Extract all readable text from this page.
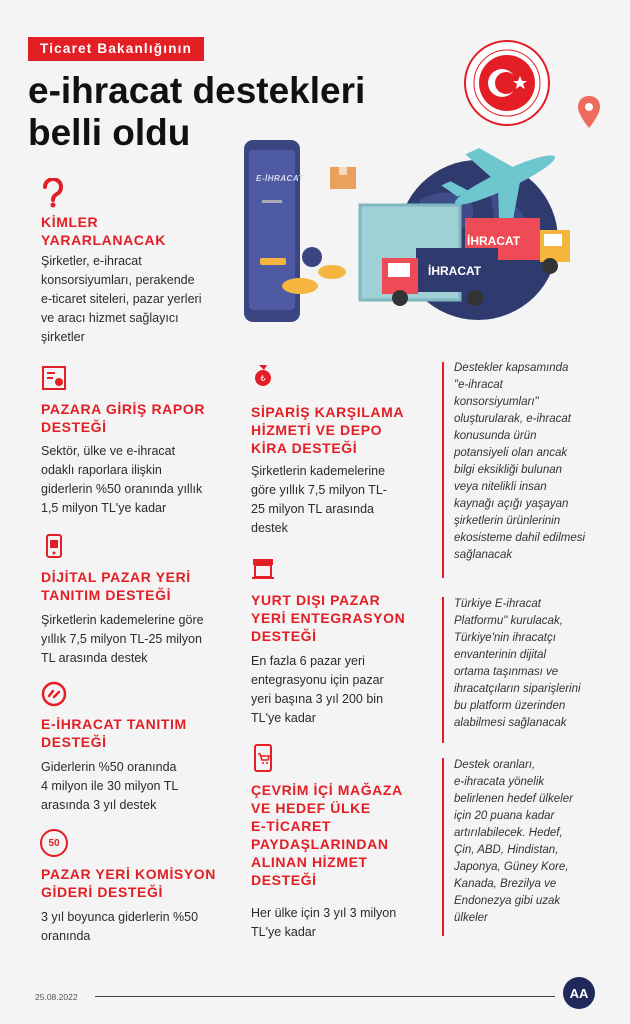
Ticaret Bakanlığının
e-ihracat destekleri
belli oldu
E-İHRACAT
İHRACAT
İHRACAT
KİMLER
YARARLANACAK
Şirketler, e-ihracat
konsorsiyumları, perakende
e-ticaret siteleri, pazar yerleri
ve aracı hizmet sağlayıcı
şirketler
PAZARA GİRİŞ RAPOR
DESTEĞİ
Sektör, ülke ve e-ihracat
odaklı raporlara ilişkin
giderlerin %50 oranında yıllık
1,5 milyon TL'ye kadar
DİJİTAL PAZAR YERİ
TANITIM DESTEĞİ
Şirketlerin kademelerine göre
yıllık 7,5 milyon TL-25 milyon
TL arasında destek
E-İHRACAT TANITIM
DESTEĞİ
Giderlerin %50 oranında
4 milyon ile 30 milyon TL
arasında 3 yıl destek
50
PAZAR YERİ KOMİSYON
GİDERİ DESTEĞİ
3 yıl boyunca giderlerin %50
oranında
₺
SİPARİŞ KARŞILAMA
HİZMETİ VE DEPO
KİRA DESTEĞİ
Şirketlerin kademelerine
göre yıllık 7,5 milyon TL-
25 milyon TL arasında
destek
YURT DIŞI PAZAR
YERİ ENTEGRASYON
DESTEĞİ
En fazla 6 pazar yeri
entegrasyonu için pazar
yeri başına 3 yıl 200 bin
TL'ye kadar
ÇEVRİM İÇİ MAĞAZA
VE HEDEF ÜLKE
E-TİCARET
PAYDAŞLARINDAN
ALINAN HİZMET
DESTEĞİ
Her ülke için 3 yıl 3 milyon
TL'ye kadar
Destekler kapsamında
"e-ihracat
konsorsiyumları"
oluşturularak, e-ihracat
konusunda ürün
potansiyeli olan ancak
bilgi eksikliği bulunan
veya nitelikli insan
kaynağı açığı yaşayan
şirketlerin ürünlerinin
ekosisteme dahil edilmesi
sağlanacak
Türkiye E-ihracat
Platformu" kurulacak,
Türkiye'nin ihracatçı
envanterinin dijital
ortama taşınması ve
ihracatçıların siparişlerini
bu platform üzerinden
alabilmesi sağlanacak
Destek oranları,
e-ihracata yönelik
belirlenen hedef ülkeler
için 20 puana kadar
artırılabilecek. Hedef,
Çin, ABD, Hindistan,
Japonya, Güney Kore,
Kanada, Brezilya ve
Endonezya gibi uzak
ülkeler
25.08.2022	AA
